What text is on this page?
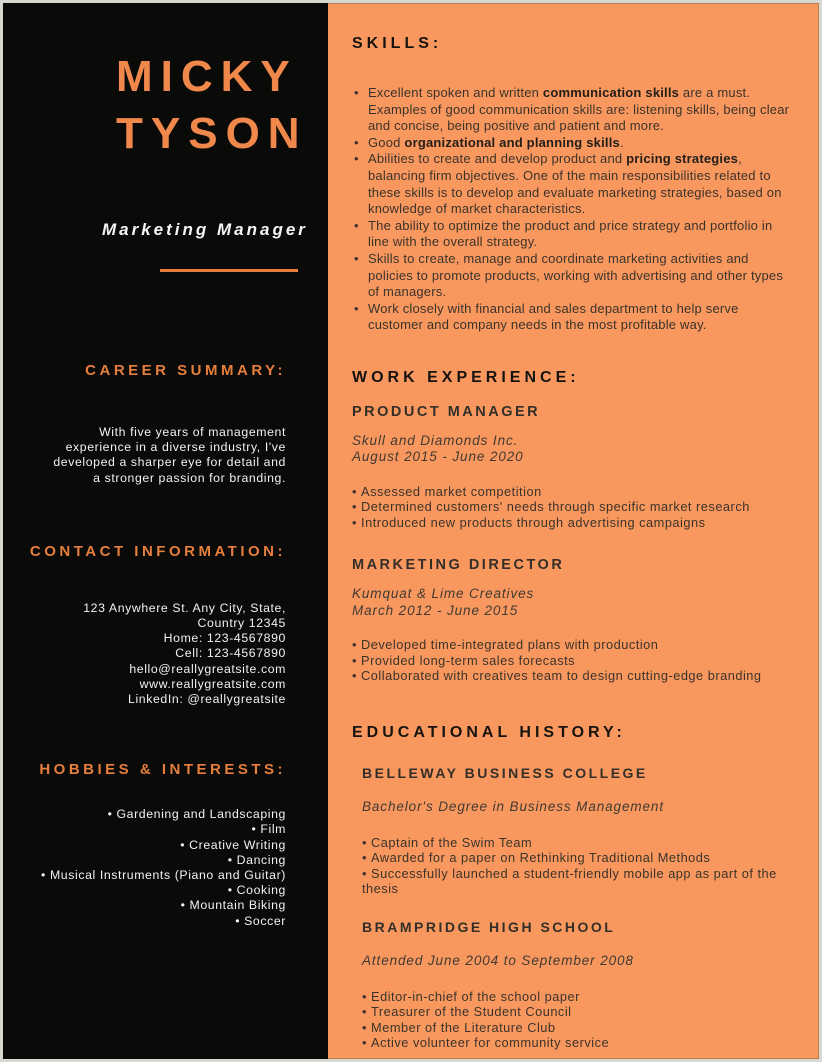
MICKY
TYSON
Marketing Manager
CAREER SUMMARY:
With five years of management
experience in a diverse industry, I've
developed a sharper eye for detail and
a stronger passion for branding.
CONTACT INFORMATION:
123 Anywhere St. Any City, State,
Country 12345
Home: 123-4567890
Cell: 123-4567890
hello@reallygreatsite.com
www.reallygreatsite.com
LinkedIn: @reallygreatsite
HOBBIES & INTERESTS:
• Gardening and Landscaping
• Film
• Creative Writing
• Dancing
• Musical Instruments (Piano and Guitar)
• Cooking
• Mountain Biking
• Soccer
SKILLS:
• Excellent spoken and written communication skills are a must. Examples of good communication skills are: listening skills, being clear and concise, being positive and patient and more.
• Good organizational and planning skills.
• Abilities to create and develop product and pricing strategies, balancing firm objectives. One of the main responsibilities related to these skills is to develop and evaluate marketing strategies, based on knowledge of market characteristics.
• The ability to optimize the product and price strategy and portfolio in line with the overall strategy.
• Skills to create, manage and coordinate marketing activities and policies to promote products, working with advertising and other types of managers.
• Work closely with financial and sales department to help serve customer and company needs in the most profitable way.
WORK EXPERIENCE:
PRODUCT MANAGER
Skull and Diamonds Inc.
August 2015 - June 2020
• Assessed market competition
• Determined customers' needs through specific market research
• Introduced new products through advertising campaigns
MARKETING DIRECTOR
Kumquat & Lime Creatives
March 2012 - June 2015
• Developed time-integrated plans with production
• Provided long-term sales forecasts
• Collaborated with creatives team to design cutting-edge branding
EDUCATIONAL HISTORY:
BELLEWAY BUSINESS COLLEGE
Bachelor's Degree in Business Management
• Captain of the Swim Team
• Awarded for a paper on Rethinking Traditional Methods
• Successfully launched a student-friendly mobile app as part of the thesis
BRAMPRIDGE HIGH SCHOOL
Attended June 2004 to September 2008
• Editor-in-chief of the school paper
• Treasurer of the Student Council
• Member of the Literature Club
• Active volunteer for community service
